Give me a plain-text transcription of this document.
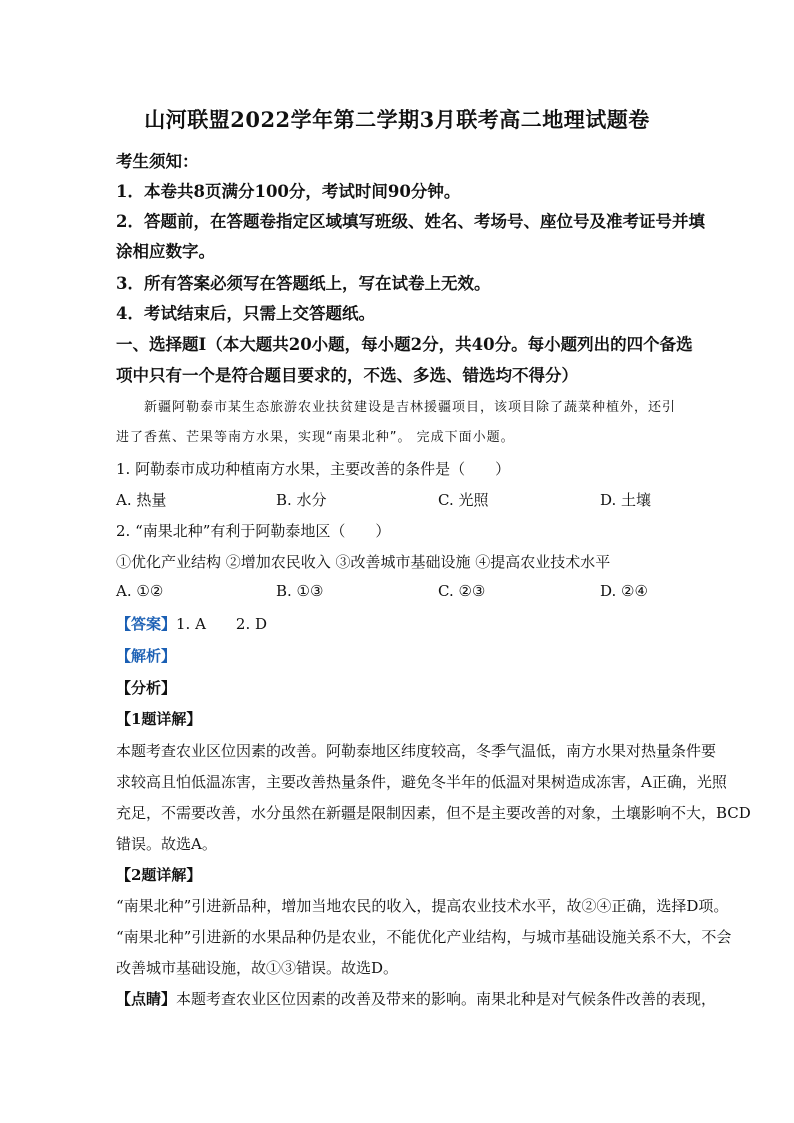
山河联盟2022学年第二学期3月联考高二地理试题卷
考生须知：
1．本卷共8页满分100分，考试时间90分钟。
2．答题前，在答题卷指定区域填写班级、姓名、考场号、座位号及准考证号并填
涂相应数字。
3．所有答案必须写在答题纸上，写在试卷上无效。
4．考试结束后，只需上交答题纸。
一、选择题Ⅰ（本大题共20小题，每小题2分，共40分。每小题列出的四个备选
项中只有一个是符合题目要求的，不选、多选、错选均不得分）
新疆阿勒泰市某生态旅游农业扶贫建设是吉林援疆项目，该项目除了蔬菜种植外，还引
进了香蕉、芒果等南方水果，实现“南果北种”。 完成下面小题。
1. 阿勒泰市成功种植南方水果，主要改善的条件是（　　）
A. 热量	B. 水分	C. 光照	D. 土壤
2. “南果北种”有利于阿勒泰地区（　　）
①优化产业结构 ②增加农民收入 ③改善城市基础设施 ④提高农业技术水平
A. ①②	B. ①③	C. ②③	D. ②④
【答案】1. A　　2. D
【解析】
【分析】
【1题详解】
本题考查农业区位因素的改善。阿勒泰地区纬度较高，冬季气温低，南方水果对热量条件要
求较高且怕低温冻害，主要改善热量条件，避免冬半年的低温对果树造成冻害，A正确，光照
充足，不需要改善，水分虽然在新疆是限制因素，但不是主要改善的对象，土壤影响不大，BCD
错误。故选A。
【2题详解】
“南果北种”引进新品种，增加当地农民的收入，提高农业技术水平，故②④正确，选择D项。
“南果北种”引进新的水果品种仍是农业，不能优化产业结构，与城市基础设施关系不大，不会
改善城市基础设施，故①③错误。故选D。
【点睛】本题考查农业区位因素的改善及带来的影响。南果北种是对气候条件改善的表现，
